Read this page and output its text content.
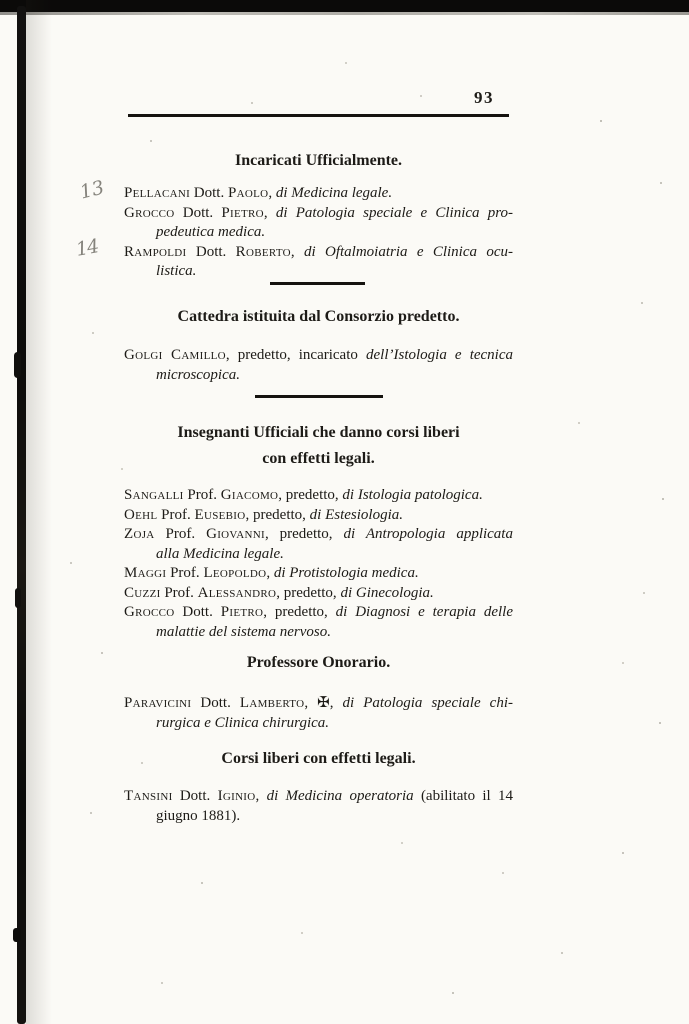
93
13
14
Incaricati Ufficialmente.
Pellacani Dott. Paolo, di Medicina legale.
Grocco Dott. Pietro, di Patologia speciale e Clinica pro-
pedeutica medica.
Rampoldi Dott. Roberto, di Oftalmoiatria e Clinica ocu-
listica.
Cattedra istituita dal Consorzio predetto.
Golgi Camillo, predetto, incaricato dell’Istologia e tecnica
microscopica.
Insegnanti Ufficiali che danno corsi liberi
con effetti legali.
Sangalli Prof. Giacomo, predetto, di Istologia patologica.
Oehl Prof. Eusebio, predetto, di Estesiologia.
Zoja Prof. Giovanni, predetto, di Antropologia applicata
alla Medicina legale.
Maggi Prof. Leopoldo, di Protistologia medica.
Cuzzi Prof. Alessandro, predetto, di Ginecologia.
Grocco Dott. Pietro, predetto, di Diagnosi e terapia delle
malattie del sistema nervoso.
Professore Onorario.
Paravicini Dott. Lamberto, ✠, di Patologia speciale chi-
rurgica e Clinica chirurgica.
Corsi liberi con effetti legali.
Tansini Dott. Iginio, di Medicina operatoria (abilitato il 14
giugno 1881).
